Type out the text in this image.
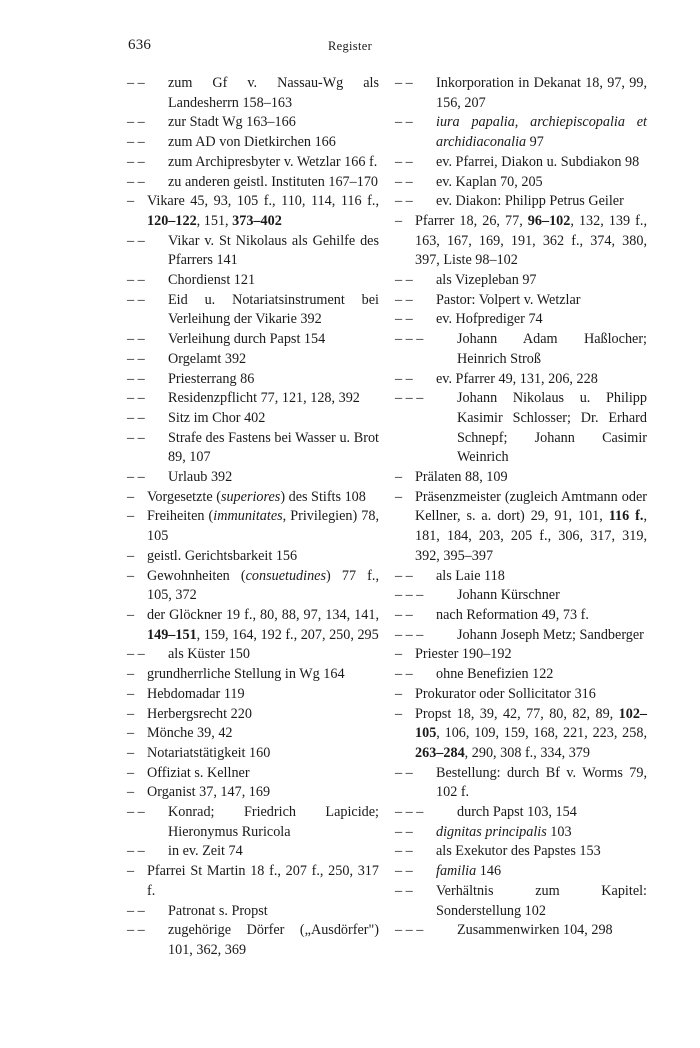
636	Register
– –	zum Gf v. Nassau-Wg als Landesherrn 158–163
– –	zur Stadt Wg 163–166
– –	zum AD von Dietkirchen 166
– –	zum Archipresbyter v. Wetzlar 166 f.
– –	zu anderen geistl. Instituten 167–170
– Vikare 45, 93, 105 f., 110, 114, 116 f., 120–122, 151, 373–402
– –	Vikar v. St Nikolaus als Gehilfe des Pfarrers 141
– –	Chordienst 121
– –	Eid u. Notariatsinstrument bei Verleihung der Vikarie 392
– –	Verleihung durch Papst 154
– –	Orgelamt 392
– –	Priesterrang 86
– –	Residenzpflicht 77, 121, 128, 392
– –	Sitz im Chor 402
– –	Strafe des Fastens bei Wasser u. Brot 89, 107
– –	Urlaub 392
– Vorgesetzte (superiores) des Stifts 108
– Freiheiten (immunitates, Privilegien) 78, 105
– geistl. Gerichtsbarkeit 156
– Gewohnheiten (consuetudines) 77 f., 105, 372
– der Glöckner 19 f., 80, 88, 97, 134, 141, 149–151, 159, 164, 192 f., 207, 250, 295
– –	als Küster 150
– grundherrliche Stellung in Wg 164
– Hebdomadar 119
– Herbergsrecht 220
– Mönche 39, 42
– Notariatstätigkeit 160
– Offiziat s. Kellner
– Organist 37, 147, 169
– –	Konrad; Friedrich Lapicide; Hieronymus Ruricola
– –	in ev. Zeit 74
– Pfarrei St Martin 18 f., 207 f., 250, 317 f.
– –	Patronat s. Propst
– –	zugehörige Dörfer („Ausdörfer") 101, 362, 369
– –	Inkorporation in Dekanat 18, 97, 99, 156, 207
– –	iura papalia, archiepiscopalia et archidiaconalia 97
– –	ev. Pfarrei, Diakon u. Subdiakon 98
– –	ev. Kaplan 70, 205
– –	ev. Diakon: Philipp Petrus Geiler
– Pfarrer 18, 26, 77, 96–102, 132, 139 f., 163, 167, 169, 191, 362 f., 374, 380, 397, Liste 98–102
– –	als Vizepleban 97
– –	Pastor: Volpert v. Wetzlar
– –	ev. Hofprediger 74
– – –	Johann Adam Haßlocher; Heinrich Stroß
– –	ev. Pfarrer 49, 131, 206, 228
– – –	Johann Nikolaus u. Philipp Kasimir Schlosser; Dr. Erhard Schnepf; Johann Casimir Weinrich
– Prälaten 88, 109
– Präsenzmeister (zugleich Amtmann oder Kellner, s. a. dort) 29, 91, 101, 116 f., 181, 184, 203, 205 f., 306, 317, 319, 392, 395–397
– –	als Laie 118
– – –	Johann Kürschner
– –	nach Reformation 49, 73 f.
– – –	Johann Joseph Metz; Sandberger
– Priester 190–192
– –	ohne Benefizien 122
– Prokurator oder Sollicitator 316
– Propst 18, 39, 42, 77, 80, 82, 89, 102–105, 106, 109, 159, 168, 221, 223, 258, 263–284, 290, 308 f., 334, 379
– –	Bestellung: durch Bf v. Worms 79, 102 f.
– – –	durch Papst 103, 154
– –	dignitas principalis 103
– –	als Exekutor des Papstes 153
– –	familia 146
– –	Verhältnis zum Kapitel: Sonderstellung 102
– – –	Zusammenwirken 104, 298
